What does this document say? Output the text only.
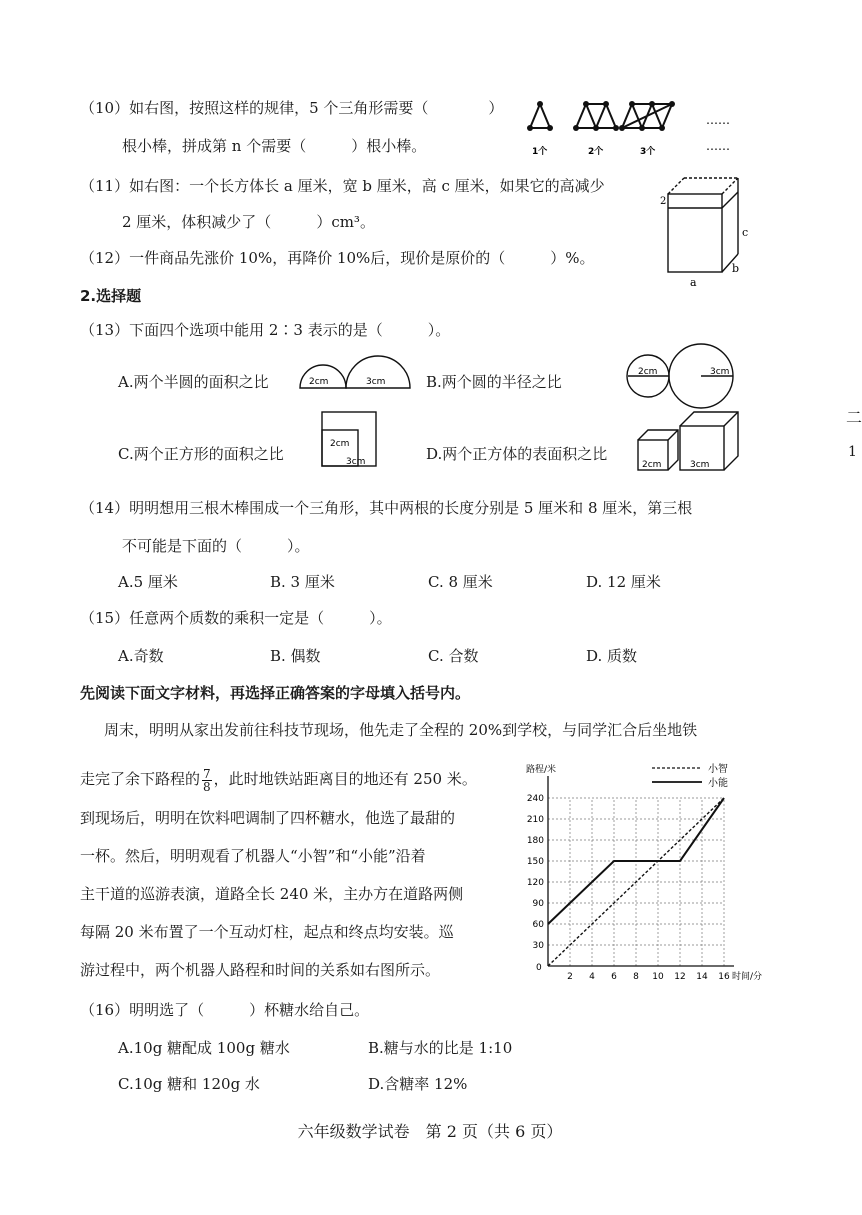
（10）如右图，按照这样的规律，5 个三角形需要（　　　　）
根小棒，拼成第 n 个需要（　　　）根小棒。	1个	2个	3个
……
……
（11）如右图：一个长方体长 a 厘米，宽 b 厘米，高 c 厘米，如果它的高减少
2 厘米，体积减少了（　　　）cm³。
2
c
b
a
（12）一件商品先涨价 10%，再降价 10%后，现价是原价的（　　　）%。
2.选择题
（13）下面四个选项中能用 2∶3 表示的是（　　　）。
A.两个半圆的面积之比	2cm	3cm	B.两个圆的半径之比
2cm	3cm
C.两个正方形的面积之比
2cm
3cm	D.两个正方体的表面积之比
2cm	3cm
（14）明明想用三根木棒围成一个三角形，其中两根的长度分别是 5 厘米和 8 厘米，第三根
不可能是下面的（　　　）。
A.5 厘米	B. 3 厘米	C. 8 厘米	D. 12 厘米
（15）任意两个质数的乘积一定是（　　　）。
A.奇数	B. 偶数	C. 合数	D. 质数
先阅读下面文字材料，再选择正确答案的字母填入括号内。
周末，明明从家出发前往科技节现场，他先走了全程的 20%到学校，与同学汇合后坐地铁
走完了余下路程的 $\frac{7}{8}$ ，此时地铁站距离目的地还有 250 米。
到现场后，明明在饮料吧调制了四杯糖水，他选了最甜的
一杯。然后，明明观看了机器人“小智”和“小能”沿着
主干道的巡游表演，道路全长 240 米，主办方在道路两侧
每隔 20 米布置了一个互动灯柱，起点和终点均安装。巡
游过程中，两个机器人路程和时间的关系如右图所示。	0
2 4 6 8 10 12 14 16
30
60
90
120
150
180
210
240
路程/米
时间/分
小智
小能
（16）明明选了（　　　）杯糖水给自己。
A.10g 糖配成 100g 糖水	B.糖与水的比是 1:10
C.10g 糖和 120g 水	D.含糖率 12%
六年级数学试卷　第 2 页（共 6 页）
二
1
